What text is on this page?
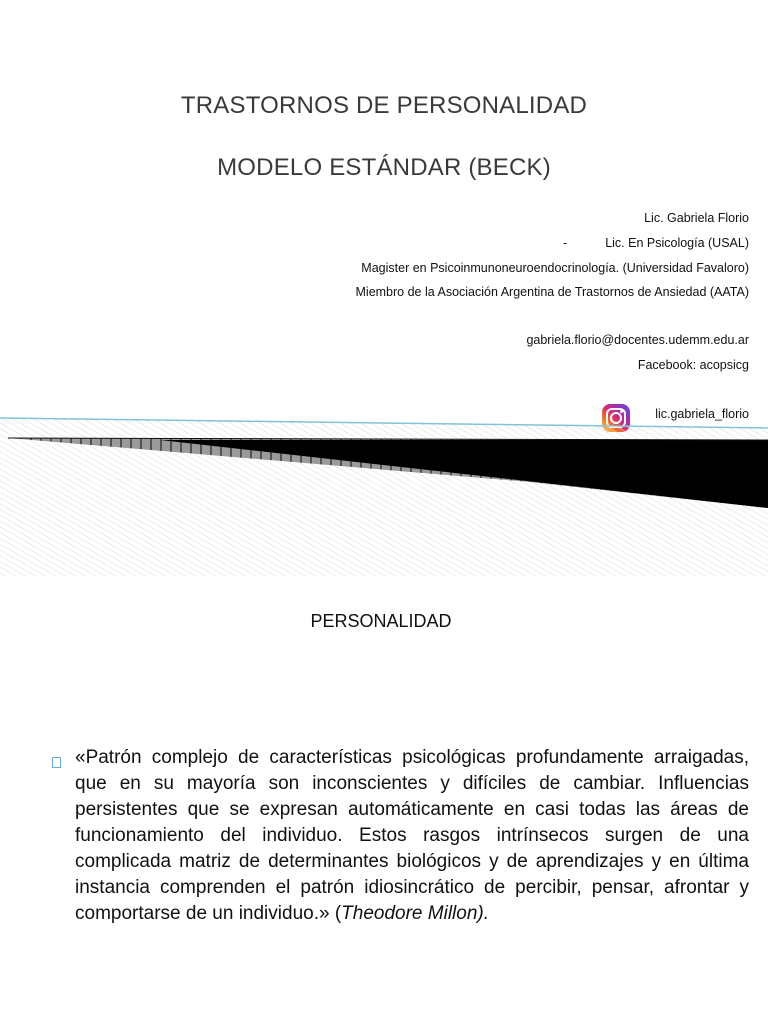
TRASTORNOS DE PERSONALIDAD
MODELO ESTÁNDAR (BECK)
Lic. Gabriela Florio
-	Lic. En Psicología (USAL)
Magister en Psicoinmunoneuroendocrinología. (Universidad Favaloro)
Miembro de la Asociación Argentina de Trastornos de Ansiedad (AATA)
gabriela.florio@docentes.udemm.edu.ar
Facebook: acopsicg
lic.gabriela_florio
PERSONALIDAD
«Patrón complejo de características psicológicas profundamente arraigadas, que en su mayoría son inconscientes y difíciles de cambiar. Influencias persistentes que se expresan automáticamente en casi todas las áreas de funcionamiento del individuo. Estos rasgos intrínsecos surgen de una complicada matriz de determinantes biológicos y de aprendizajes y en última instancia comprenden el patrón idiosincrático de percibir, pensar, afrontar y comportarse de un individuo.» (Theodore Millon).
